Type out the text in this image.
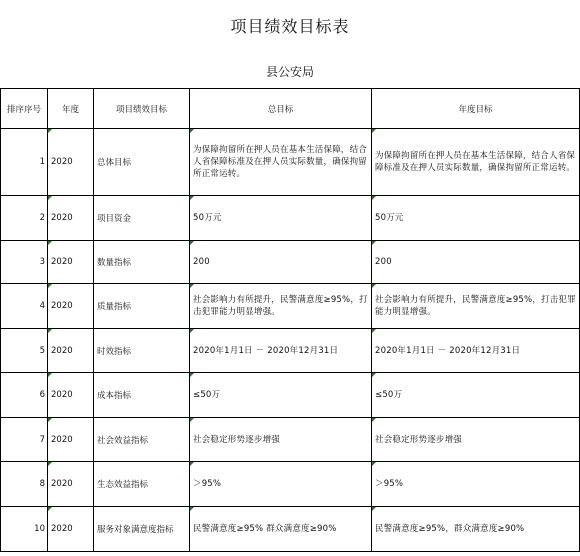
项目绩效目标表
县公安局
排序序号	年度	项目绩效目标	总目标	年度目标
1	2020	总体目标	为保障拘留所在押人员在基本生活保障，结合人省保障标准及在押人员实际数量，确保拘留所正常运转。	为保障拘留所在押人员在基本生活保障，结合人省保障标准及在押人员实际数量，确保拘留所正常运转。
2	2020	项目资金	50万元	50万元
3	2020	数量指标	200	200
4	2020	质量指标	社会影响力有所提升，民警满意度≥95%，打击犯罪能力明显增强。	社会影响力有所提升，民警满意度≥95%，打击犯罪能力明显增强。
5	2020	时效指标	2020年1月1日 － 2020年12月31日	2020年1月1日 － 2020年12月31日
6	2020	成本指标	≤50万	≤50万
7	2020	社会效益指标	社会稳定形势逐步增强	社会稳定形势逐步增强
8	2020	生态效益指标	＞95%	＞95%
10	2020	服务对象满意度指标	民警满意度≥95% 群众满意度≥90%	民警满意度≥95%，群众满意度≥90%
